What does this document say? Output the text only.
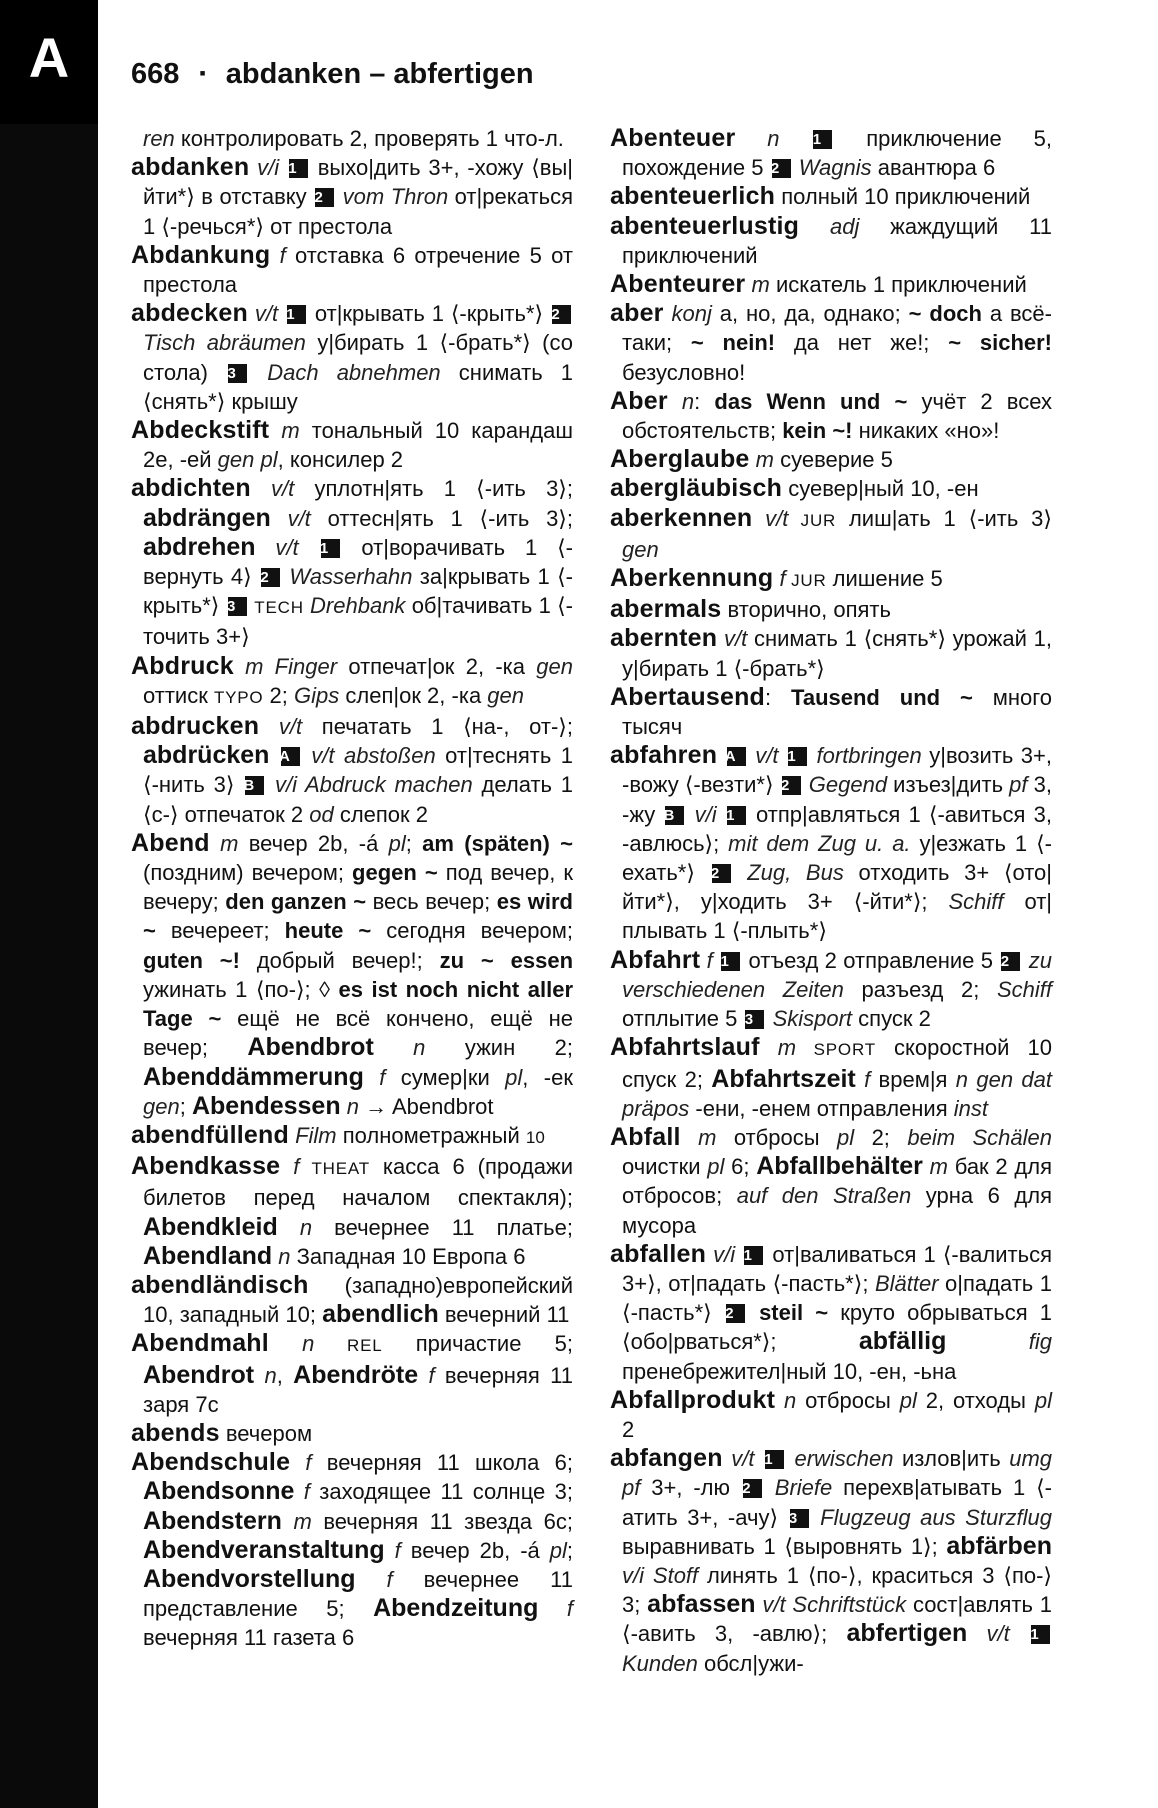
A	668 ▪ abdanken – abfertigen

ren контролировать 2, проверять 1 что-л.

abdanken v/i 1 выхо|дить 3+, -хожу ⟨вы|йти*⟩ в отставку 2 vom Thron от|рекаться 1 ⟨-речься*⟩ от престола

Abdankung f отставка 6 отречение 5 от престола

abdecken v/t 1 от|крывать 1 ⟨-крыть*⟩ 2 Tisch abräumen у|бирать 1 ⟨-брать*⟩ (со стола) 3 Dach abnehmen снимать 1 ⟨снять*⟩ крышу

Abdeckstift m тональный 10 карандаш 2e, -ей gen pl, консилер 2

abdichten v/t уплотн|ять 1 ⟨-ить 3⟩; abdrängen v/t оттесн|ять 1 ⟨-ить 3⟩; abdrehen v/t 1 от|ворачивать 1 ⟨-вернуть 4⟩ 2 Wasserhahn за|крывать 1 ⟨-крыть*⟩ 3 TECH Drehbank об|тачивать 1 ⟨-точить 3+⟩

Abdruck m Finger отпечат|ок 2, -ка gen оттиск TYPO 2; Gips слеп|ок 2, -ка gen

abdrucken v/t печатать 1 ⟨на-, от-⟩; abdrücken A v/t abstoßen от|теснять 1 ⟨-нить 3⟩ B v/i Abdruck machen делать 1 ⟨с-⟩ отпечаток 2 od слепок 2

Abend m вечер 2b, -á pl; am (späten) ~ (поздним) вечером; gegen ~ под вечер, к вечеру; den ganzen ~ весь вечер; es wird ~ вечереет; heute ~ сегодня вечером; guten ~! добрый вечер!; zu ~ essen ужинать 1 ⟨по-⟩; ◊ es ist noch nicht aller Tage ~ ещё не всё кончено, ещё не вечер; Abendbrot n ужин 2; Abenddämmerung f сумер|ки pl, -ек gen; Abendessen n → Abendbrot

abendfüllend Film полнометражный 10

Abendkasse f THEAT касса 6 (продажи билетов перед началом спектакля); Abendkleid n вечернее 11 платье; Abendland n Западная 10 Европа 6

abendländisch (западно)европейский 10, западный 10; abendlich вечерний 11

Abendmahl n REL причастие 5; Abendrot n, Abendröte f вечерняя 11 заря 7c

abends вечером

Abendschule f вечерняя 11 школа 6; Abendsonne f заходящее 11 солнце 3; Abendstern m вечерняя 11 звезда 6c; Abendveranstaltung f вечер 2b, -á pl; Abendvorstellung f вечернее 11 представление 5; Abendzeitung f вечерняя 11 газета 6

Abenteuer n 1 приключение 5, похождение 5 2 Wagnis авантюра 6

abenteuerlich полный 10 приключений

abenteuerlustig adj жаждущий 11 приключений

Abenteurer m искатель 1 приключений

aber konj а, но, да, однако; ~ doch а всё-таки; ~ nein! да нет же!; ~ sicher! безусловно!

Aber n: das Wenn und ~ учёт 2 всех обстоятельств; kein ~! никаких «но»!

Aberglaube m суеверие 5

abergläubisch суевер|ный 10, -ен

aberkennen v/t JUR лиш|ать 1 ⟨-ить 3⟩ gen

Aberkennung f JUR лишение 5

abermals вторично, опять

abernten v/t снимать 1 ⟨снять*⟩ урожай 1, у|бирать 1 ⟨-брать*⟩

Abertausend: Tausend und ~ много тысяч

abfahren A v/t 1 fortbringen у|возить 3+, -вожу ⟨-везти*⟩ 2 Gegend изъез|дить pf 3, -жу B v/i 1 отпр|авляться 1 ⟨-авиться 3, -авлюсь⟩; mit dem Zug u. a. у|езжать 1 ⟨-ехать*⟩ 2 Zug, Bus отходить 3+ ⟨ото|йти*⟩, у|ходить 3+ ⟨-йти*⟩; Schiff от|плывать 1 ⟨-плыть*⟩

Abfahrt f 1 отъезд 2 отправление 5 2 zu verschiedenen Zeiten разъезд 2; Schiff отплытие 5 3 Skisport спуск 2

Abfahrtslauf m SPORT скоростной 10 спуск 2; Abfahrtszeit f врем|я n gen dat präpos -ени, -енем отправления inst

Abfall m отбросы pl 2; beim Schälen очистки pl 6; Abfallbehälter m бак 2 для отбросов; auf den Straßen урна 6 для мусора

abfallen v/i 1 от|валиваться 1 ⟨-валиться 3+⟩, от|падать ⟨-пасть*⟩; Blätter о|падать 1 ⟨-пасть*⟩ 2 steil ~ круто обрываться 1 ⟨обо|рваться*⟩; abfällig fig пренебрежител|ный 10, -ен, -ьна

Abfallprodukt n отбросы pl 2, отходы pl 2

abfangen v/t 1 erwischen излов|ить umg pf 3+, -лю 2 Briefe перехв|атывать 1 ⟨-атить 3+, -ачу⟩ 3 Flugzeug aus Sturzflug выравнивать 1 ⟨выровнять 1⟩; abfärben v/i Stoff линять 1 ⟨по-⟩, краситься 3 ⟨по-⟩ 3; abfassen v/t Schriftstück сост|авлять 1 ⟨-авить 3, -авлю⟩; abfertigen v/t 1 Kunden обсл|ужи-
